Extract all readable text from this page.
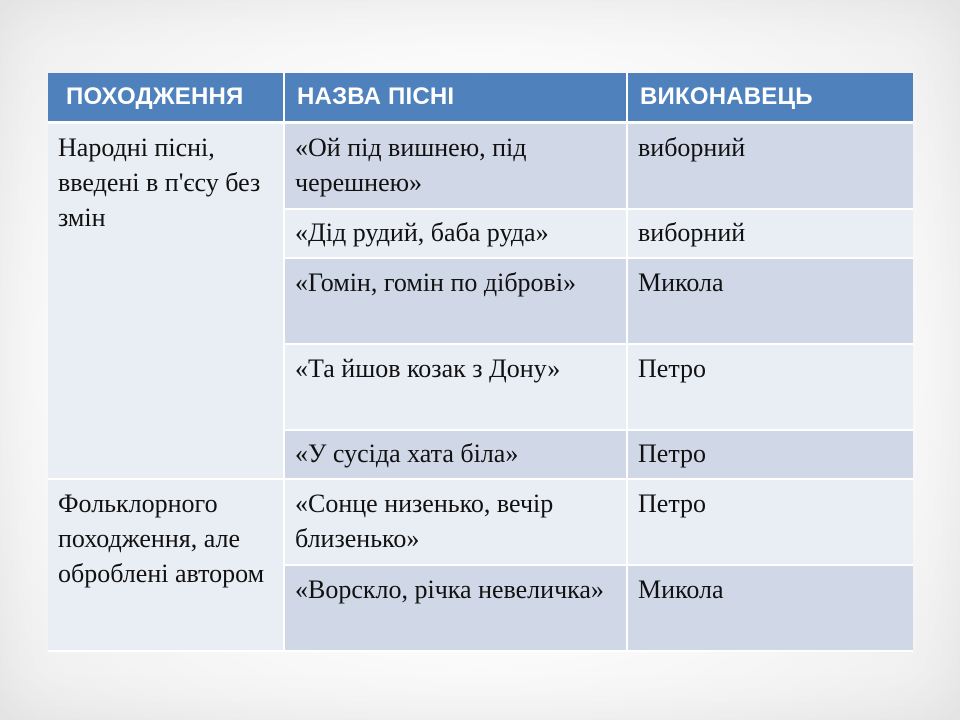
ПОХОДЖЕННЯ	НАЗВА ПІСНІ	ВИКОНАВЕЦЬ
Народні пісні, введені в п'єсу без змін	«Ой під вишнею, під черешнею»	виборний
	«Дід рудий, баба руда»	виборний
	«Гомін, гомін по діброві»	Микола
	«Та йшов козак з Дону»	Петро
	«У сусіда хата біла»	Петро
Фольклорного походження, але оброблені автором	«Сонце низенько, вечір близенько»	Петро
	«Ворскло, річка невеличка»	Микола
